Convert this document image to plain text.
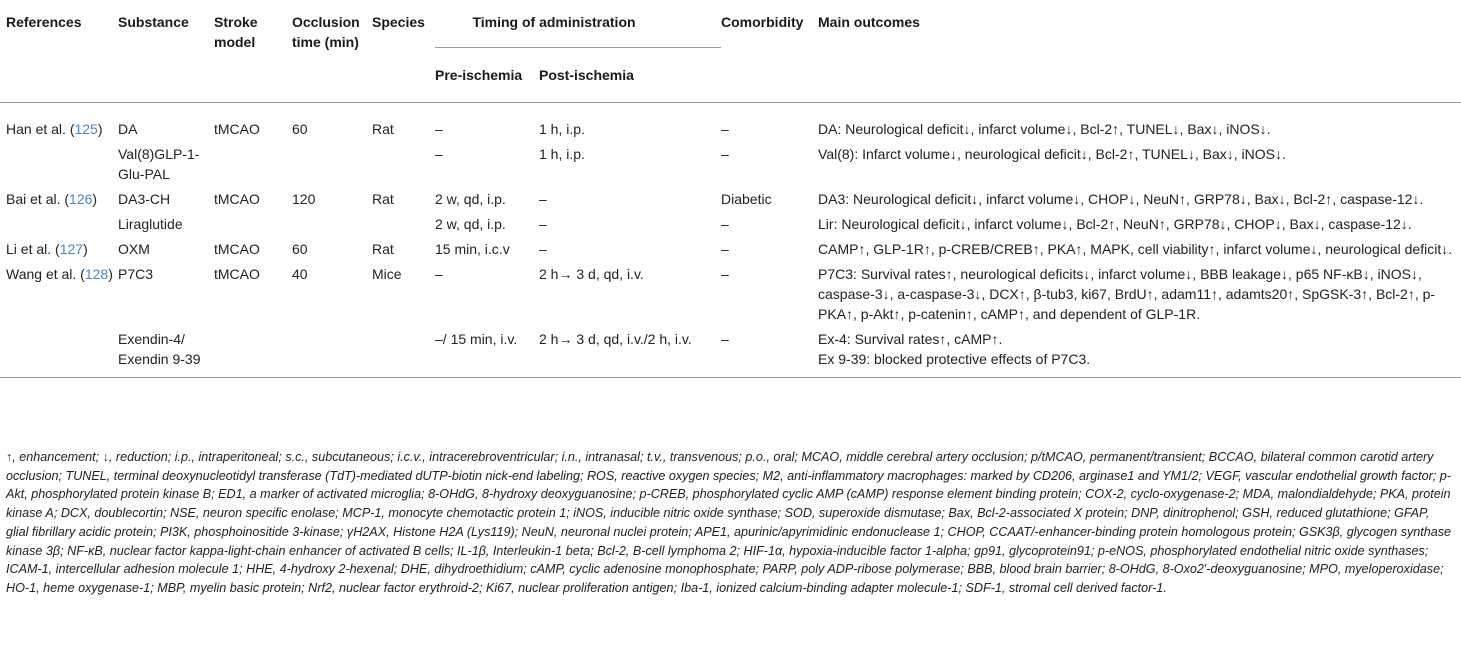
References	Substance	Stroke model	Occlusion time (min)	Species	Timing of administration		Comorbidity	Main outcomes
					Pre-ischemia	Post-ischemia		
Han et al. (125)	DA	tMCAO	60	Rat	–	1 h, i.p.	–	DA: Neurological deficit↓, infarct volume↓, Bcl-2↑, TUNEL↓, Bax↓, iNOS↓.
	Val(8)GLP-1-Glu-PAL				–	1 h, i.p.	–	Val(8): Infarct volume↓, neurological deficit↓, Bcl-2↑, TUNEL↓, Bax↓, iNOS↓.
Bai et al. (126)	DA3-CH	tMCAO	120	Rat	2 w, qd, i.p.	–	Diabetic	DA3: Neurological deficit↓, infarct volume↓, CHOP↓, NeuN↑, GRP78↓, Bax↓, Bcl-2↑, caspase-12↓.
	Liraglutide				2 w, qd, i.p.	–	–	Lir: Neurological deficit↓, infarct volume↓, Bcl-2↑, NeuN↑, GRP78↓, CHOP↓, Bax↓, caspase-12↓.
Li et al. (127)	OXM	tMCAO	60	Rat	15 min, i.c.v	–	–	CAMP↑, GLP-1R↑, p-CREB/CREB↑, PKA↑, MAPK, cell viability↑, infarct volume↓, neurological deficit↓.
Wang et al. (128)	P7C3	tMCAO	40	Mice	–	2 h→ 3 d, qd, i.v.	–	P7C3: Survival rates↑, neurological deficits↓, infarct volume↓, BBB leakage↓, p65 NF-κB↓, iNOS↓, caspase-3↓, a-caspase-3↓, DCX↑, β-tub3, ki67, BrdU↑, adam11↑, adamts20↑, SpGSK-3↑, Bcl-2↑, p-PKA↑, p-Akt↑, p-catenin↑, cAMP↑, and dependent of GLP-1R.
	Exendin-4/ Exendin 9-39				–/ 15 min, i.v.	2 h→ 3 d, qd, i.v./2 h, i.v.	–	Ex-4: Survival rates↑, cAMP↑.
Ex 9-39: blocked protective effects of P7C3.

↑, enhancement; ↓, reduction; i.p., intraperitoneal; s.c., subcutaneous; i.c.v., intracerebroventricular; i.n., intranasal; t.v., transvenous; p.o., oral; MCAO, middle cerebral artery occlusion; p/tMCAO, permanent/transient; BCCAO, bilateral common carotid artery occlusion; TUNEL, terminal deoxynucleotidyl transferase (TdT)-mediated dUTP-biotin nick-end labeling; ROS, reactive oxygen species; M2, anti-inflammatory macrophages: marked by CD206, arginase1 and YM1/2; VEGF, vascular endothelial growth factor; p-Akt, phosphorylated protein kinase B; ED1, a marker of activated microglia; 8-OHdG, 8-hydroxy deoxyguanosine; p-CREB, phosphorylated cyclic AMP (cAMP) response element binding protein; COX-2, cyclo-oxygenase-2; MDA, malondialdehyde; PKA, protein kinase A; DCX, doublecortin; NSE, neuron specific enolase; MCP-1, monocyte chemotactic protein 1; iNOS, inducible nitric oxide synthase; SOD, superoxide dismutase; Bax, Bcl-2-associated X protein; DNP, dinitrophenol; GSH, reduced glutathione; GFAP, glial fibrillary acidic protein; PI3K, phosphoinositide 3-kinase; γH2AX, Histone H2A (Lys119); NeuN, neuronal nuclei protein; APE1, apurinic/apyrimidinic endonuclease 1; CHOP, CCAAT/-enhancer-binding protein homologous protein; GSK3β, glycogen synthase kinase 3β; NF-κB, nuclear factor kappa-light-chain enhancer of activated B cells; IL-1β, Interleukin-1 beta; Bcl-2, B-cell lymphoma 2; HIF-1α, hypoxia-inducible factor 1-alpha; gp91, glycoprotein91; p-eNOS, phosphorylated endothelial nitric oxide synthases; ICAM-1, intercellular adhesion molecule 1; HHE, 4-hydroxy 2-hexenal; DHE, dihydroethidium; cAMP, cyclic adenosine monophosphate; PARP, poly ADP-ribose polymerase; BBB, blood brain barrier; 8-OHdG, 8-Oxo2′-deoxyguanosine; MPO, myeloperoxidase; HO-1, heme oxygenase-1; MBP, myelin basic protein; Nrf2, nuclear factor erythroid-2; Ki67, nuclear proliferation antigen; Iba-1, ionized calcium-binding adapter molecule-1; SDF-1, stromal cell derived factor-1.
